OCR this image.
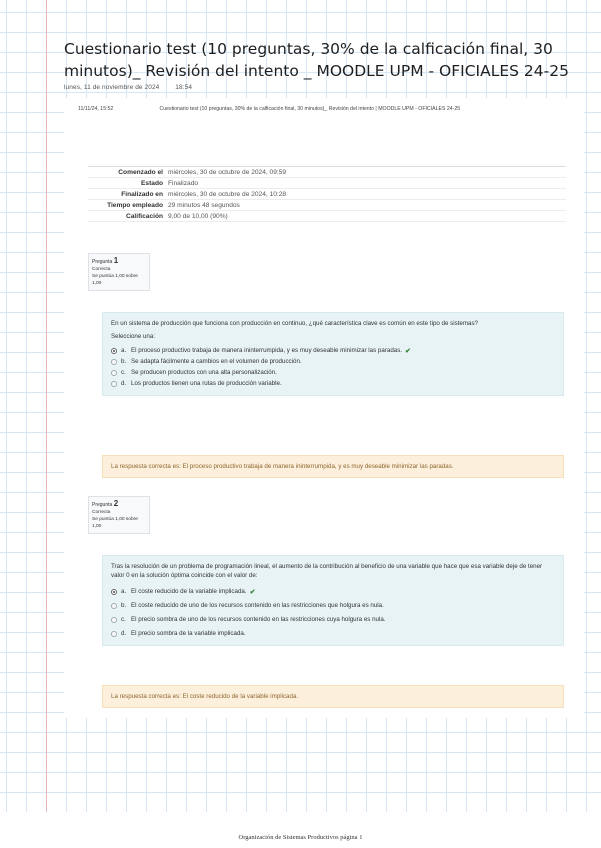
Cuestionario test (10 preguntas, 30% de la calficación final, 30 minutos)_ Revisión del intento _ MOODLE UPM - OFICIALES 24-25
lunes, 11 de noviembre de 2024 18:54
11/11/24, 15:52	Cuestionario test (10 preguntas, 30% de la calficación final, 30 minutos)_ Revisión del intento | MOODLE UPM - OFICIALES 24-25
Comenzado el miércoles, 30 de octubre de 2024, 09:59
Estado Finalizado
Finalizado en miércoles, 30 de octubre de 2024, 10:28
Tiempo empleado 29 minutos 48 segundos
Calificación 9,00 de 10,00 (90%)
Pregunta 1
Correcta
Se puntúa 1,00 sobre 1,00
En un sistema de producción que funciona con producción en continuo, ¿qué característica clave es común en este tipo de sistemas?
Seleccione una:
a. El proceso productivo trabaja de manera ininterrumpida, y es muy deseable minimizar las paradas. ✔
b. Se adapta fácilmente a cambios en el volumen de producción.
c. Se producen productos con una alta personalización.
d. Los productos tienen una rutas de producción variable.
La respuesta correcta es: El proceso productivo trabaja de manera ininterrumpida, y es muy deseable minimizar las paradas.
Pregunta 2
Correcta
Se puntúa 1,00 sobre 1,00
Tras la resolución de un problema de programación lineal, el aumento de la contribución al beneficio de una variable que hace que esa variable deje de tener valor 0 en la solución óptima coincide con el valor de:
a. El coste reducido de la variable implicada. ✔
b. El coste reducido de uno de los recursos contenido en las restricciones que holgura es nula.
c. El precio sombra de uno de los recursos contenido en las restricciones cuya holgura es nula.
d. El precio sombra de la variable implicada.
La respuesta correcta es: El coste reducido de la variable implicada.
Organización de Sistemas Productivos página 1
